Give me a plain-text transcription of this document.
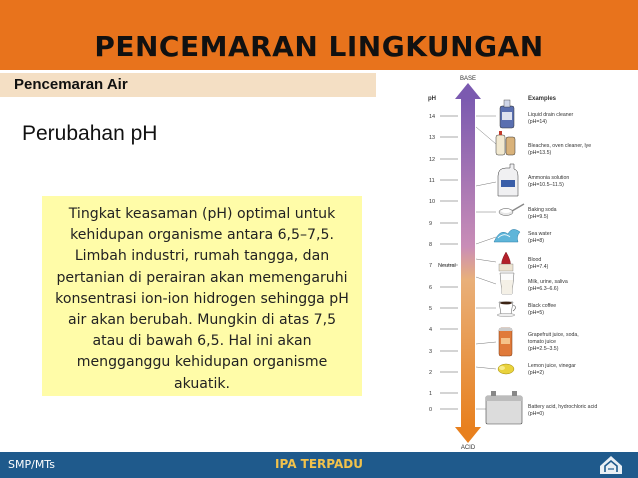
PENCEMARAN LINGKUNGAN
Pencemaran Air
Perubahan pH
Tingkat keasaman (pH) optimal untuk kehidupan organisme antara 6,5–7,5. Limbah industri, rumah tangga, dan pertanian di perairan akan memengaruhi konsentrasi ion-ion hidrogen sehingga pH air akan berubah. Mungkin di atas 7,5 atau di bawah 6,5. Hal ini akan mengganggu kehidupan organisme akuatik.
BASE
pH	Examples
ACID
Neutral
14
13
12
11
10
9
8
7
6
5
4
3
2
1
0
Liquid drain cleaner
(pH=14)
Bleaches, oven cleaner, lye
(pH=13.5)
Ammonia solution
(pH=10.5–11.5)
Baking soda
(pH=9.5)
Sea water
(pH=8)
Blood
(pH=7.4)
Milk, urine, saliva
(pH=6.3–6.6)
Black coffee
(pH=5)
Grapefruit juice, soda,
tomato juice
(pH=2.5–3.5)
Lemon juice, vinegar
(pH=2)
Battery acid, hydrochloric acid
(pH=0)
SMP/MTs	IPA TERPADU
